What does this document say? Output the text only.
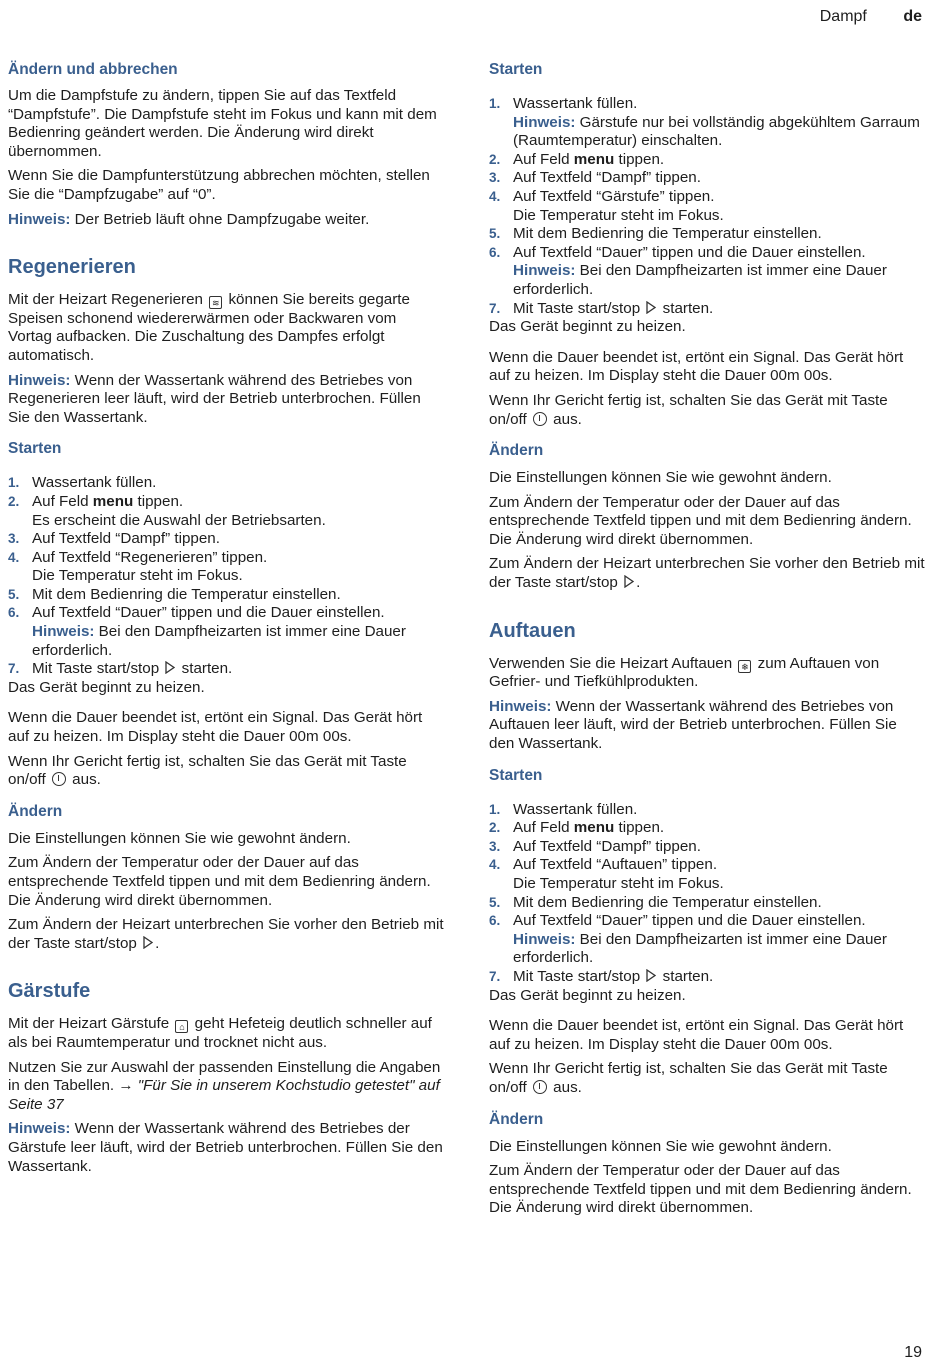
Dampf de
Ändern und abbrechen
Um die Dampfstufe zu ändern, tippen Sie auf das Textfeld “Dampfstufe”. Die Dampfstufe steht im Fokus und kann mit dem Bedienring geändert werden. Die Änderung wird direkt übernommen.
Wenn Sie die Dampfunterstützung abbrechen möchten, stellen Sie die “Dampfzugabe” auf “0”.
Hinweis: Der Betrieb läuft ohne Dampfzugabe weiter.
Regenerieren
Mit der Heizart Regenerieren ≋ können Sie bereits gegarte Speisen schonend wiedererwärmen oder Backwaren vom Vortag aufbacken. Die Zuschaltung des Dampfes erfolgt automatisch.
Hinweis: Wenn der Wassertank während des Betriebes von Regenerieren leer läuft, wird der Betrieb unterbrochen. Füllen Sie den Wassertank.
Starten
1. Wassertank füllen.
2. Auf Feld menu tippen.
Es erscheint die Auswahl der Betriebsarten.
3. Auf Textfeld “Dampf” tippen.
4. Auf Textfeld “Regenerieren” tippen.
Die Temperatur steht im Fokus.
5. Mit dem Bedienring die Temperatur einstellen.
6. Auf Textfeld “Dauer” tippen und die Dauer einstellen.
Hinweis: Bei den Dampfheizarten ist immer eine Dauer erforderlich.
7. Mit Taste start/stop  starten.
Das Gerät beginnt zu heizen.
Wenn die Dauer beendet ist, ertönt ein Signal. Das Gerät hört auf zu heizen. Im Display steht die Dauer 00m 00s.
Wenn Ihr Gericht fertig ist, schalten Sie das Gerät mit Taste on/off  aus.
Ändern
Die Einstellungen können Sie wie gewohnt ändern.
Zum Ändern der Temperatur oder der Dauer auf das entsprechende Textfeld tippen und mit dem Bedienring ändern. Die Änderung wird direkt übernommen.
Zum Ändern der Heizart unterbrechen Sie vorher den Betrieb mit der Taste start/stop .
Gärstufe
Mit der Heizart Gärstufe ⌂ geht Hefeteig deutlich schneller auf als bei Raumtemperatur und trocknet nicht aus.
Nutzen Sie zur Auswahl der passenden Einstellung die Angaben in den Tabellen. → "Für Sie in unserem Kochstudio getestet" auf Seite 37
Hinweis: Wenn der Wassertank während des Betriebes der Gärstufe leer läuft, wird der Betrieb unterbrochen. Füllen Sie den Wassertank.
Starten
1. Wassertank füllen.
Hinweis: Gärstufe nur bei vollständig abgekühltem Garraum (Raumtemperatur) einschalten.
2. Auf Feld menu tippen.
3. Auf Textfeld “Dampf” tippen.
4. Auf Textfeld “Gärstufe” tippen.
Die Temperatur steht im Fokus.
5. Mit dem Bedienring die Temperatur einstellen.
6. Auf Textfeld “Dauer” tippen und die Dauer einstellen.
Hinweis: Bei den Dampfheizarten ist immer eine Dauer erforderlich.
7. Mit Taste start/stop  starten.
Das Gerät beginnt zu heizen.
Wenn die Dauer beendet ist, ertönt ein Signal. Das Gerät hört auf zu heizen. Im Display steht die Dauer 00m 00s.
Wenn Ihr Gericht fertig ist, schalten Sie das Gerät mit Taste on/off  aus.
Ändern
Die Einstellungen können Sie wie gewohnt ändern.
Zum Ändern der Temperatur oder der Dauer auf das entsprechende Textfeld tippen und mit dem Bedienring ändern. Die Änderung wird direkt übernommen.
Zum Ändern der Heizart unterbrechen Sie vorher den Betrieb mit der Taste start/stop .
Auftauen
Verwenden Sie die Heizart Auftauen ❄ zum Auftauen von Gefrier- und Tiefkühlprodukten.
Hinweis: Wenn der Wassertank während des Betriebes von Auftauen leer läuft, wird der Betrieb unterbrochen. Füllen Sie den Wassertank.
Starten
1. Wassertank füllen.
2. Auf Feld menu tippen.
3. Auf Textfeld “Dampf” tippen.
4. Auf Textfeld “Auftauen” tippen.
Die Temperatur steht im Fokus.
5. Mit dem Bedienring die Temperatur einstellen.
6. Auf Textfeld “Dauer” tippen und die Dauer einstellen.
Hinweis: Bei den Dampfheizarten ist immer eine Dauer erforderlich.
7. Mit Taste start/stop  starten.
Das Gerät beginnt zu heizen.
Wenn die Dauer beendet ist, ertönt ein Signal. Das Gerät hört auf zu heizen. Im Display steht die Dauer 00m 00s.
Wenn Ihr Gericht fertig ist, schalten Sie das Gerät mit Taste on/off  aus.
Ändern
Die Einstellungen können Sie wie gewohnt ändern.
Zum Ändern der Temperatur oder der Dauer auf das entsprechende Textfeld tippen und mit dem Bedienring ändern. Die Änderung wird direkt übernommen.
19
